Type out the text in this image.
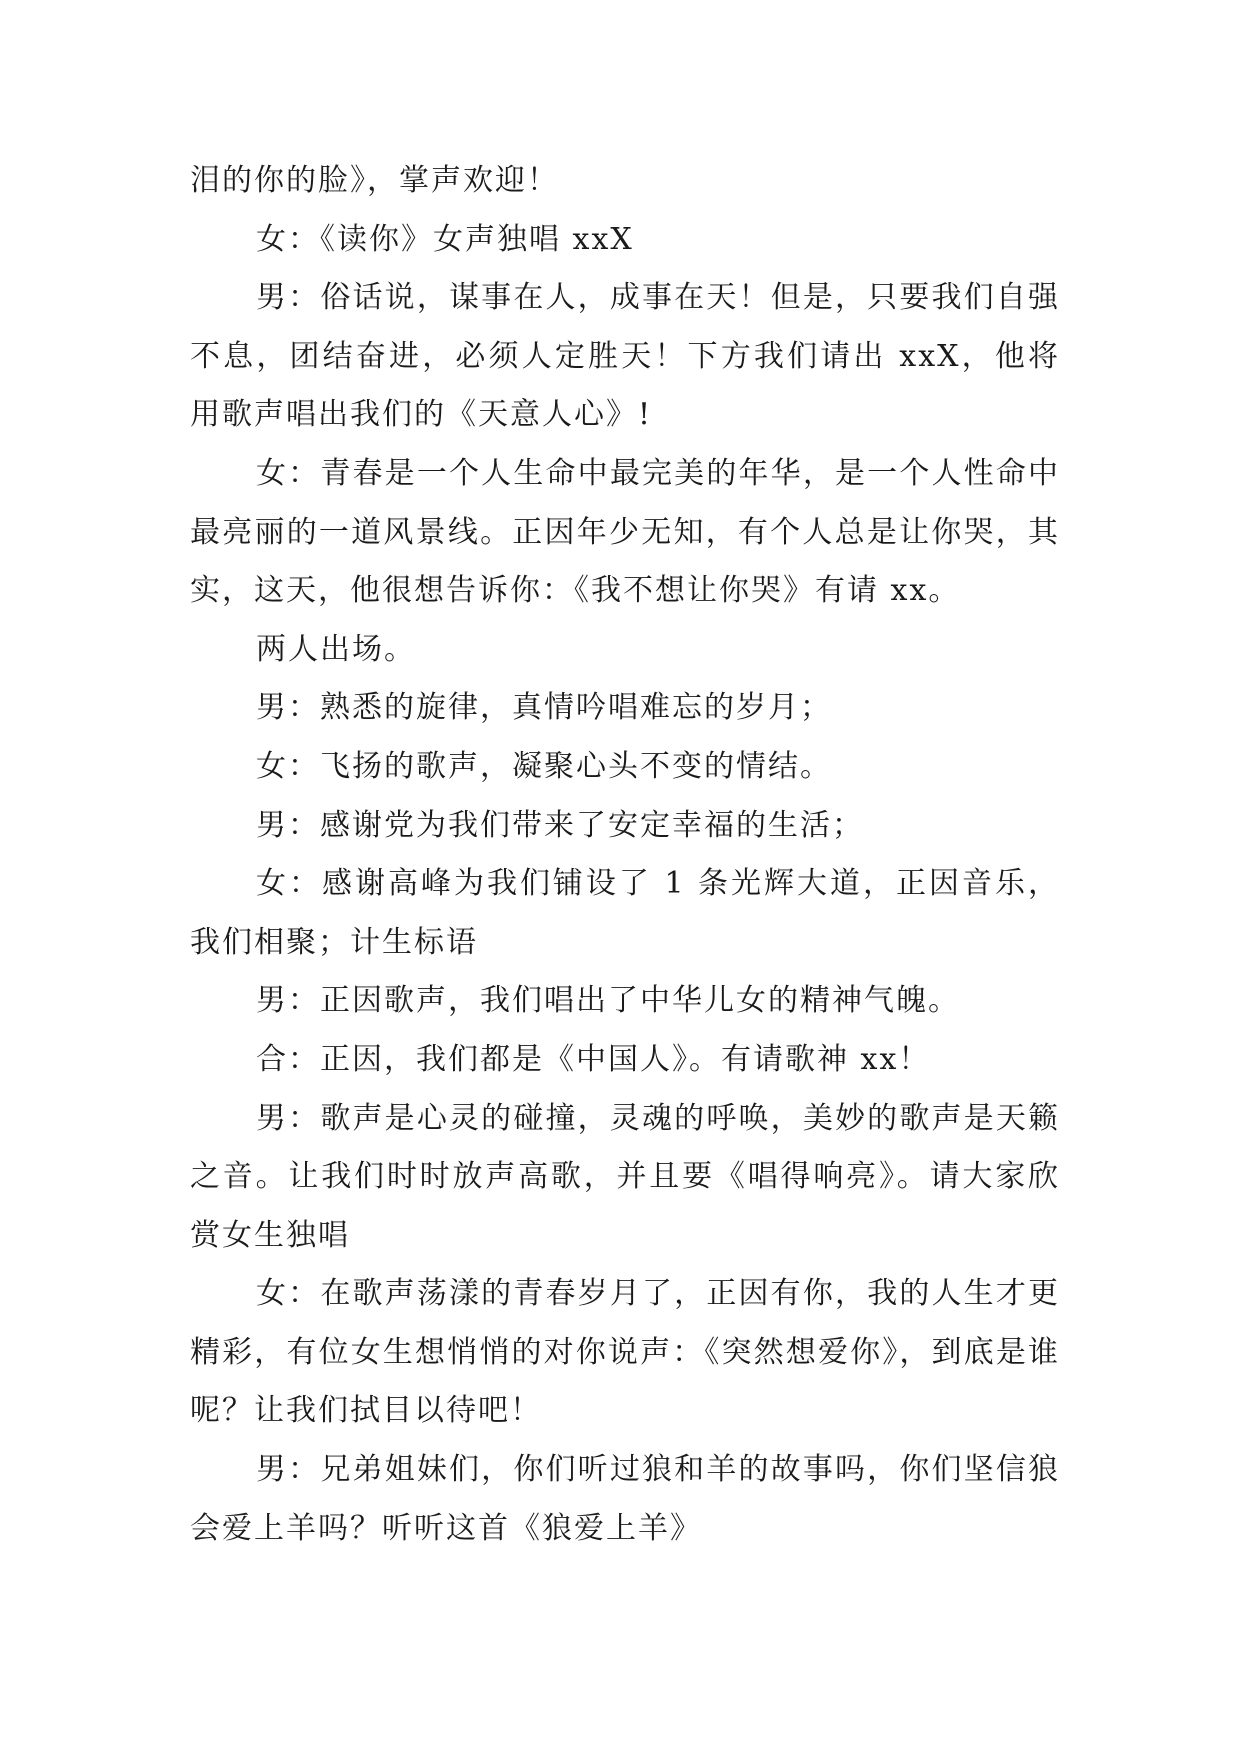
泪的你的脸》，掌声欢迎！

女：《读你》女声独唱 xxX

男：俗话说，谋事在人，成事在天！但是，只要我们自强不息，团结奋进，必须人定胜天！下方我们请出 xxX，他将用歌声唱出我们的《天意人心》!

女：青春是一个人生命中最完美的年华，是一个人性命中最亮丽的一道风景线。正因年少无知，有个人总是让你哭，其实，这天，他很想告诉你：《我不想让你哭》有请 xx。

两人出场。

男：熟悉的旋律，真情吟唱难忘的岁月；

女：飞扬的歌声，凝聚心头不变的情结。

男：感谢党为我们带来了安定幸福的生活；

女：感谢高峰为我们铺设了 1 条光辉大道，正因音乐，我们相聚；计生标语

男：正因歌声，我们唱出了中华儿女的精神气魄。

合：正因，我们都是《中国人》。有请歌神 xx！

男：歌声是心灵的碰撞，灵魂的呼唤，美妙的歌声是天籁之音。让我们时时放声高歌，并且要《唱得响亮》。请大家欣赏女生独唱

女：在歌声荡漾的青春岁月了，正因有你，我的人生才更精彩，有位女生想悄悄的对你说声：《突然想爱你》，到底是谁呢？让我们拭目以待吧！

男：兄弟姐妹们，你们听过狼和羊的故事吗，你们坚信狼会爱上羊吗？听听这首《狼爱上羊》
